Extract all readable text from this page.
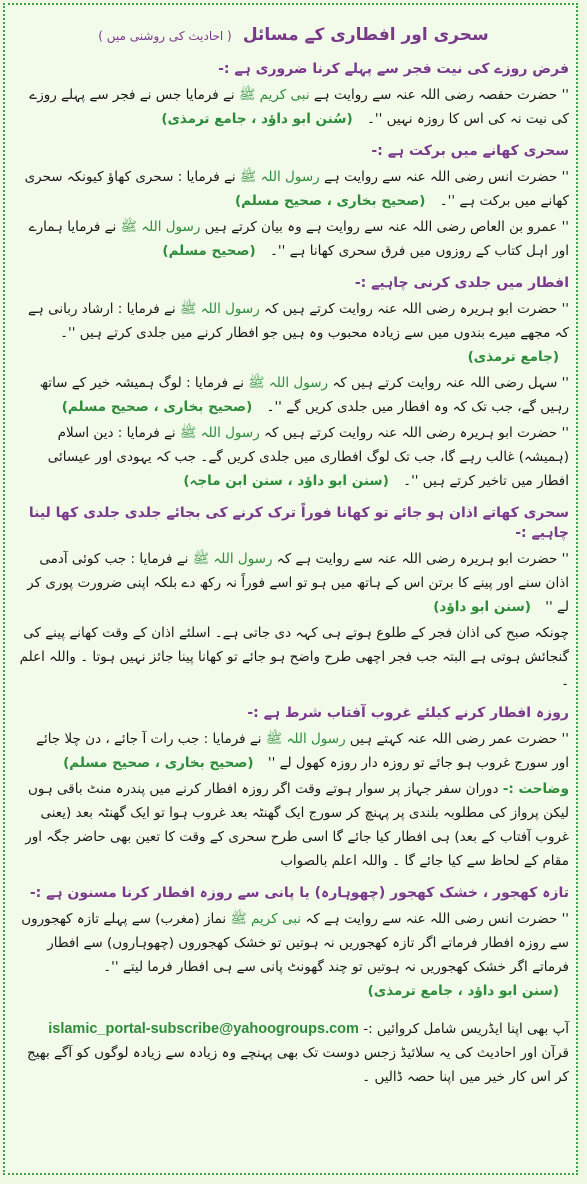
سحری اور افطاری کے مسائل ( احادیث کی روشنی میں )
فرض روزے کی نیت فجر سے پہلے کرنا ضروری ہے :-
'' حضرت حفصہ رضی اللہ عنہ سے روایت ہے نبی کریم ﷺ نے فرمایا جس نے فجر سے پہلے روزے کی نیت نہ کی اس کا روزہ نہیں ''۔ (سُنن ابو داؤد ، جامع ترمذی)
سحری کھانے میں برکت ہے :-
'' حضرت انس رضی اللہ عنہ سے روایت ہے رسول اللہ ﷺ نے فرمایا : سحری کھاؤ کیونکہ سحری کھانے میں برکت ہے ''۔ (صحیح بخاری ، صحیح مسلم)
'' عمرو بن العاص رضی اللہ عنہ سے روایت ہے وہ بیان کرتے ہیں رسول اللہ ﷺ نے فرمایا ہمارے اور اہل کتاب کے روزوں میں فرق سحری کھانا ہے ''۔ (صحیح مسلم)
افطار میں جلدی کرنی چاہیے :-
'' حضرت ابو ہریرہ رضی اللہ عنہ روایت کرتے ہیں کہ رسول اللہ ﷺ نے فرمایا : ارشاد ربانی ہے کہ مجھے میرے بندوں میں سے زیادہ محبوب وہ ہیں جو افطار کرنے میں جلدی کرتے ہیں ''۔ (جامع ترمذی)
'' سہل رضی اللہ عنہ روایت کرتے ہیں کہ رسول اللہ ﷺ نے فرمایا : لوگ ہمیشہ خیر کے ساتھ رہیں گے، جب تک کہ وہ افطار میں جلدی کریں گے ''۔ (صحیح بخاری ، صحیح مسلم)
'' حضرت ابو ہریرہ رضی اللہ عنہ روایت کرتے ہیں کہ رسول اللہ ﷺ نے فرمایا : دین اسلام (ہمیشہ) غالب رہے گا، جب تک لوگ افطاری میں جلدی کریں گے۔ جب کہ یہودی اور عیسائی افطار میں تاخیر کرتے ہیں ''۔ (سنن ابو داؤد ، سنن ابن ماجہ)
سحری کھاتے اذان ہو جائے تو کھانا فوراً ترک کرنے کی بجائے جلدی جلدی کھا لینا چاہیے :-
'' حضرت ابو ہریرہ رضی اللہ عنہ سے روایت ہے کہ رسول اللہ ﷺ نے فرمایا : جب کوئی آدمی اذان سنے اور پینے کا برتن اس کے ہاتھ میں ہو تو اسے فوراً نہ رکھ دے بلکہ اپنی ضرورت پوری کر لے '' (سنن ابو داؤد)
چونکہ صبح کی اذان فجر کے طلوع ہوتے ہی کہہ دی جاتی ہے۔ اسلئے اذان کے وقت کھانے پینے کی گنجائش ہوتی ہے البتہ جب فجر اچھی طرح واضح ہو جائے تو کھانا پینا جائز نہیں ہوتا ۔ واللہ اعلم ۔
روزہ افطار کرنے کیلئے غروب آفتاب شرط ہے :-
'' حضرت عمر رضی اللہ عنہ کہتے ہیں رسول اللہ ﷺ نے فرمایا : جب رات آ جائے ، دن چلا جائے اور سورج غروب ہو جائے تو روزہ دار روزہ کھول لے '' (صحیح بخاری ، صحیح مسلم)
وضاحت :- دوران سفر جہاز پر سوار ہوتے وقت اگر روزہ افطار کرنے میں پندرہ منٹ باقی ہوں لیکن پرواز کی مطلوبہ بلندی پر پہنچ کر سورج ایک گھنٹہ بعد غروب ہوا تو ایک گھنٹہ بعد (یعنی غروب آفتاب کے بعد) ہی افطار کیا جائے گا اسی طرح سحری کے وقت کا تعین بھی حاضر جگہ اور مقام کے لحاظ سے کیا جائے گا ۔ واللہ اعلم بالصواب
تازہ کھجور ، خشک کھجور (چھوہارہ) یا پانی سے روزہ افطار کرنا مسنون ہے :-
'' حضرت انس رضی اللہ عنہ سے روایت ہے کہ نبی کریم ﷺ نماز (مغرب) سے پہلے تازہ کھجوروں سے روزہ افطار فرماتے اگر تازہ کھجوریں نہ ہوتیں تو خشک کھجوروں (چھوہاروں) سے افطار فرماتے اگر خشک کھجوریں نہ ہوتیں تو چند گھونٹ پانی سے ہی افطار فرما لیتے ''۔ (سنن ابو داؤد ، جامع ترمذی)
آپ بھی اپنا ایڈریس شامل کروائیں :- islamic_portal-subscribe@yahoogroups.com
قرآن اور احادیث کی یہ سلائیڈ زجس دوست تک بھی پہنچے وہ زیادہ سے زیادہ لوگوں کو آگے بھیج کر اس کار خیر میں اپنا حصہ ڈالیں ۔
